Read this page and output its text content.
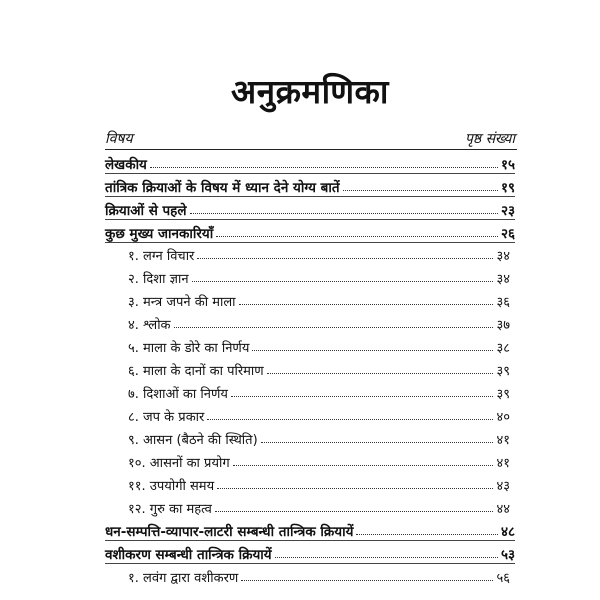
अनुक्रमणिका
विषय	पृष्ठ संख्या
लेखकीय	१५
तांत्रिक क्रियाओं के विषय में ध्यान देने योग्य बातें	१९
क्रियाओं से पहले	२३
कुछ मुख्य जानकारियाँ	२६
१. लग्न विचार	३४
२. दिशा ज्ञान	३४
३. मन्त्र जपने की माला	३६
४. श्लोक	३७
५. माला के डोरे का निर्णय	३८
६. माला के दानों का परिमाण	३९
७. दिशाओं का निर्णय	३९
८. जप के प्रकार	४०
९. आसन (बैठने की स्थिति)	४१
१०. आसनों का प्रयोग	४१
११. उपयोगी समय	४३
१२. गुरु का महत्व	४४
धन-सम्पत्ति-व्यापार-लाटरी सम्बन्धी तान्त्रिक क्रियायें	४८
वशीकरण सम्बन्धी तान्त्रिक क्रियायें	५३
१. लवंग द्वारा वशीकरण	५६
